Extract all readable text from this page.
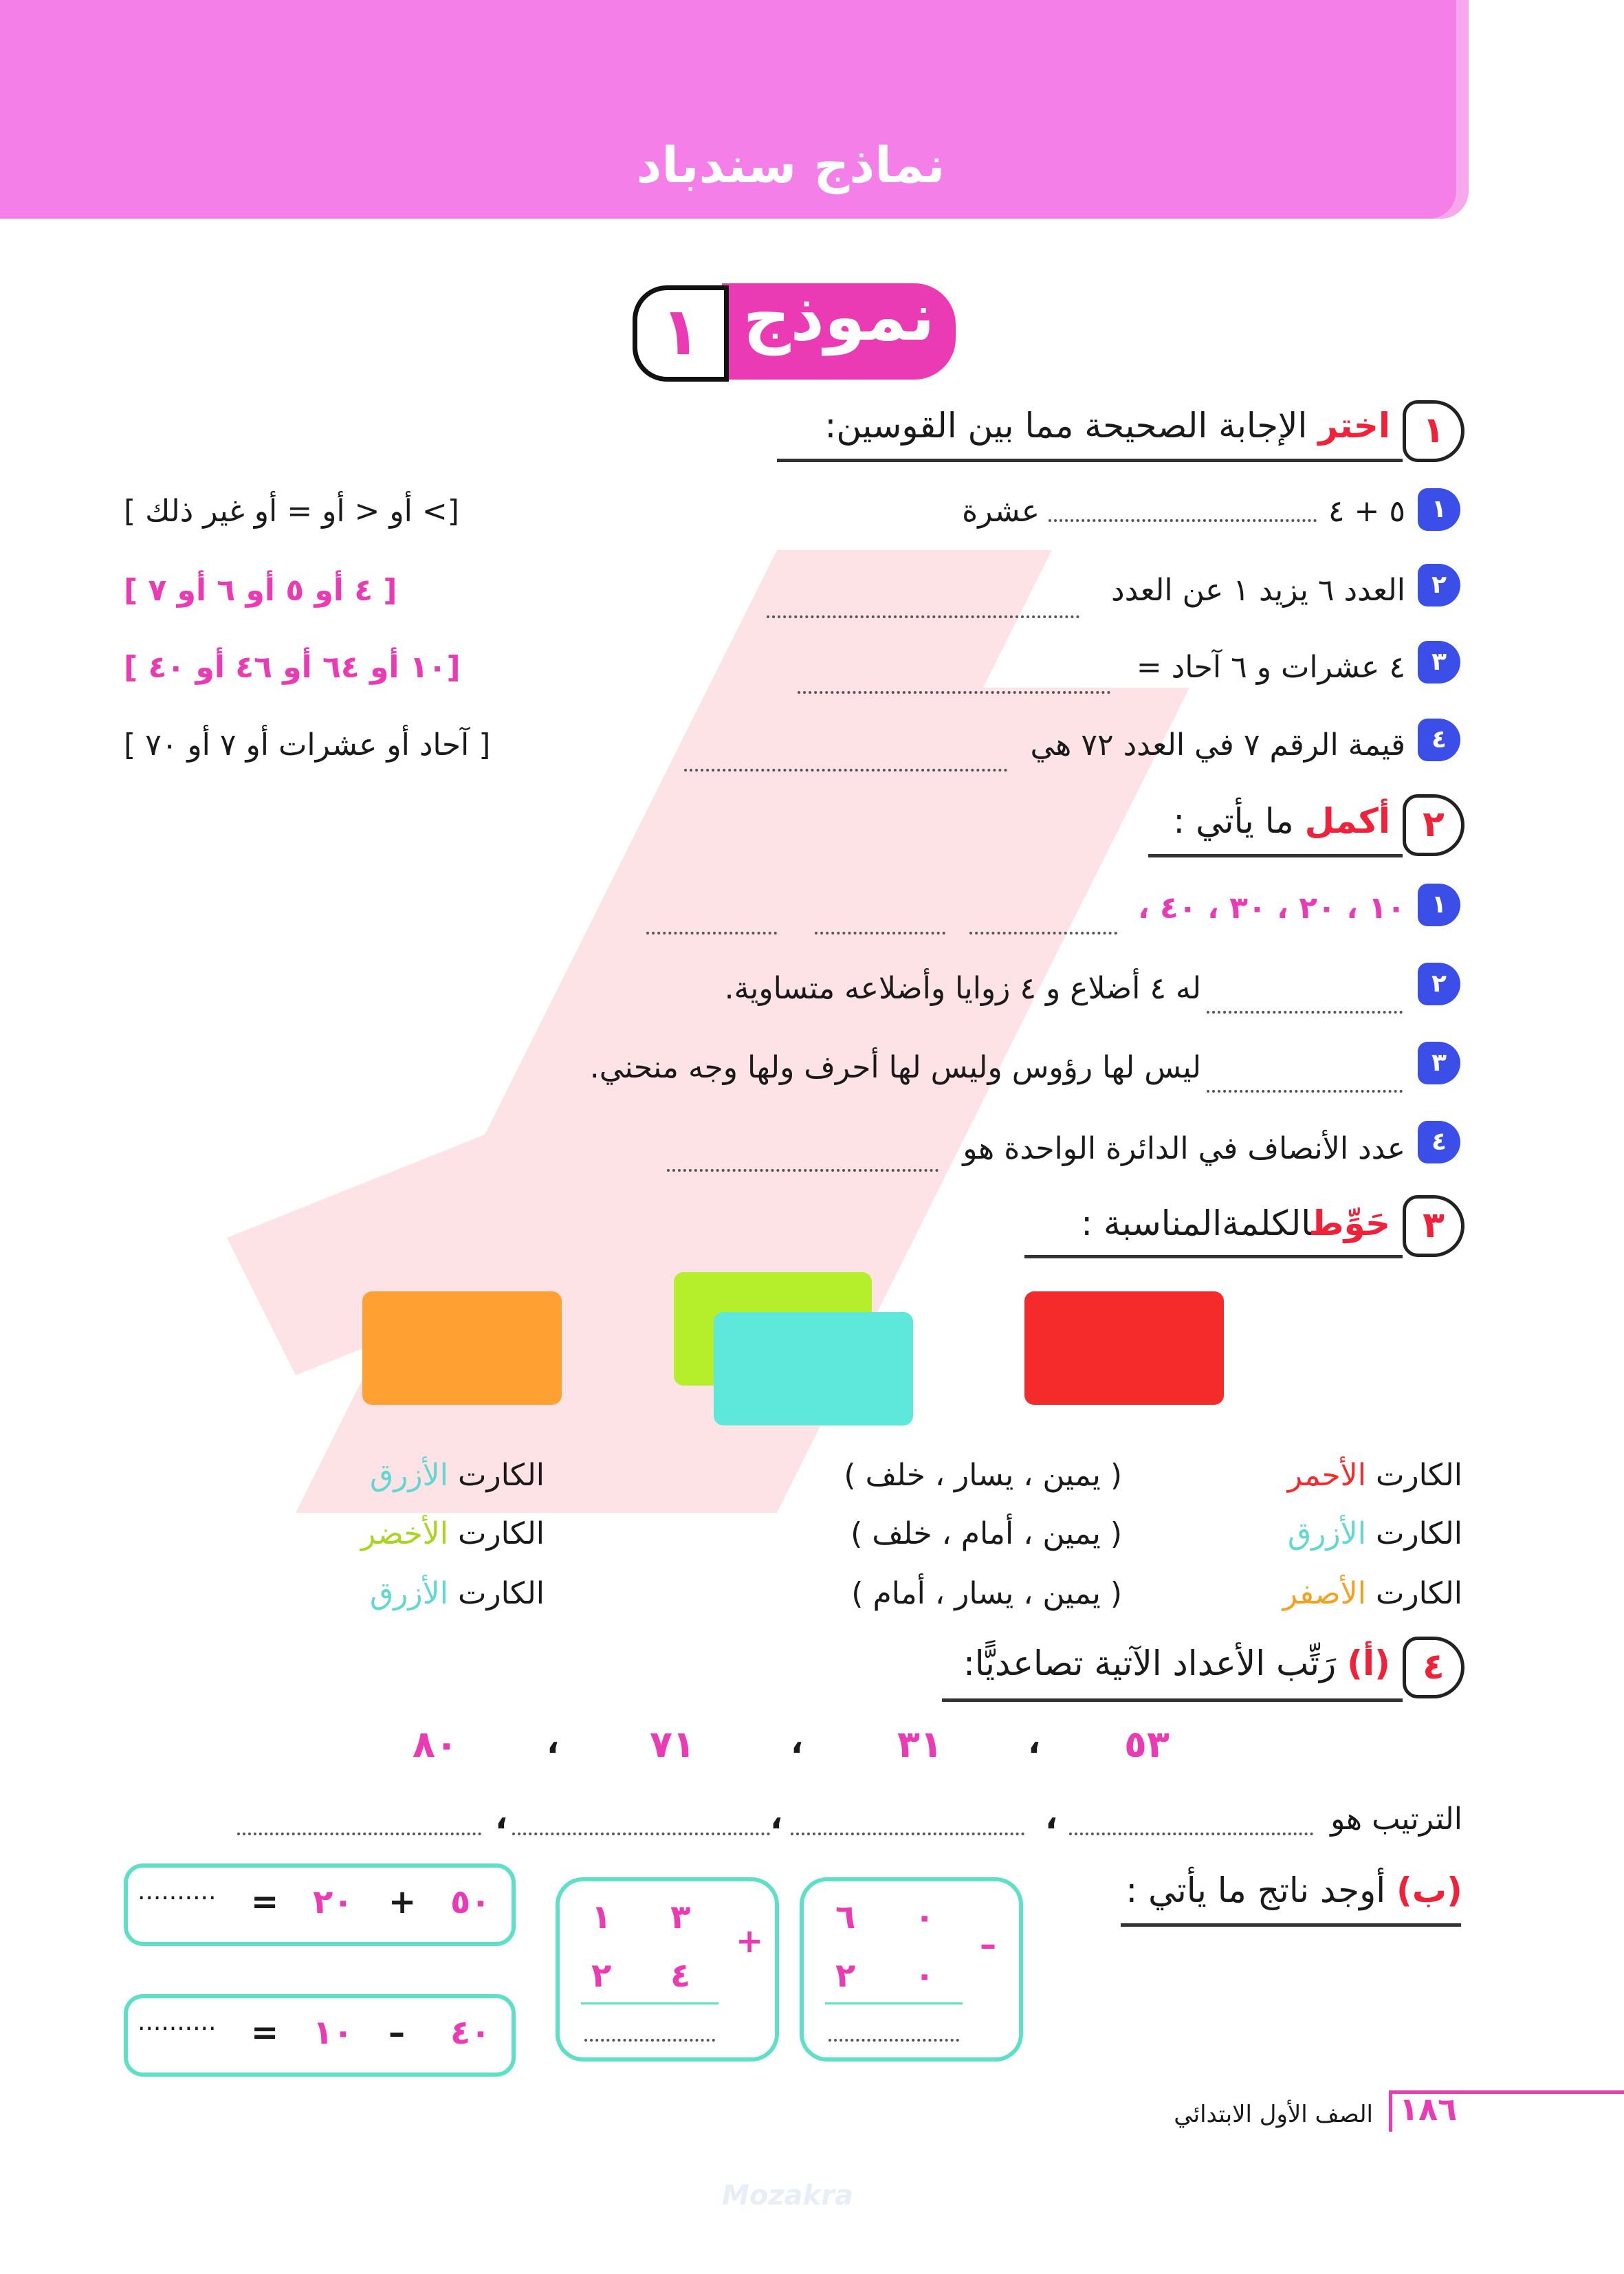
نماذج سندباد
نموذج
١
١
اختر الإجابة الصحيحة مما بين القوسين:
١
٥ + ٤
عشرة
[> أو < أو = أو غير ذلك ]
٢
العدد ٦ يزيد ١ عن العدد
[ ٤ أو ٥ أو ٦ أو ٧ ]
٣
٤ عشرات و ٦ آحاد =
[١٠ أو ٦٤ أو ٤٦ أو ٤٠ ]
٤
قيمة الرقم ٧ في العدد ٧٢ هي
[ آحاد أو عشرات أو ٧ أو ٧٠ ]
٢
أكمل ما يأتي :
١
١٠ ، ٢٠ ، ٣٠ ، ٤٠ ،
٢
له ٤ أضلاع و ٤ زوايا وأضلاعه متساوية.
٣
ليس لها رؤوس وليس لها أحرف ولها وجه منحني.
٤
عدد الأنصاف في الدائرة الواحدة هو
٣
حَوِّطالكلمةالمناسبة :
الكارت الأحمر
( يمين ، يسار ، خلف )
الكارت الأزرق
الكارت الأزرق
( يمين ، أمام ، خلف )
الكارت الأخضر
الكارت الأصفر
( يمين ، يسار ، أمام )
الكارت الأزرق
٤
(أ) رَتِّب الأعداد الآتية تصاعديًّا:
٥٣
،
٣١
،
٧١
،
٨٠
الترتيب هو
،
،
،
(ب) أوجد ناتج ما يأتي :
٠
٦
٠
٢
–
٣
١
٤
٢
+
٥٠
+
٢٠
=
..........
٤٠
–
١٠
=
..........
١٨٦
الصف الأول الابتدائي
Mozakra
